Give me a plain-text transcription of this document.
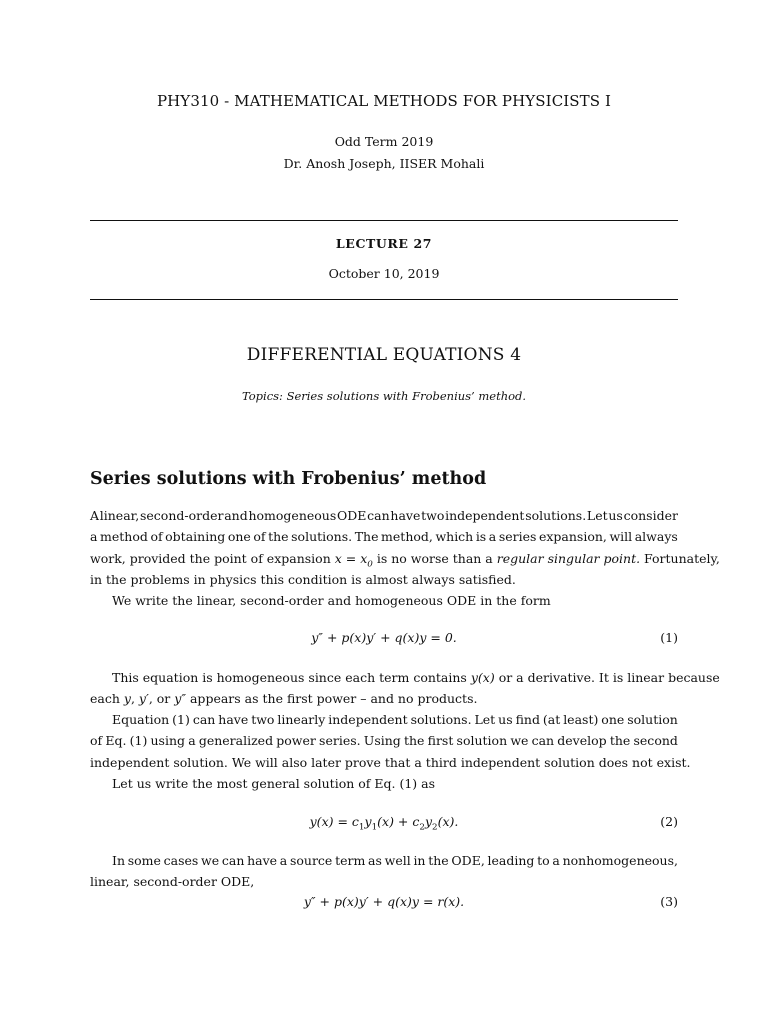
PHY310 - MATHEMATICAL METHODS FOR PHYSICISTS I
Odd Term 2019
Dr. Anosh Joseph, IISER Mohali
LECTURE 27
October 10, 2019
DIFFERENTIAL EQUATIONS 4
Topics: Series solutions with Frobenius’ method.
Series solutions with Frobenius’ method
A linear, second-order and homogeneous ODE can have two independent solutions. Let us consider
a method of obtaining one of the solutions. The method, which is a series expansion, will always
work, provided the point of expansion $x = x_0$ is no worse than a regular singular point. Fortunately,
in the problems in physics this condition is almost always satisfied.
We write the linear, second-order and homogeneous ODE in the form
y″ + p(x)y′ + q(x)y = 0.	(1)
This equation is homogeneous since each term contains y(x) or a derivative. It is linear because
each y, y′, or y″ appears as the first power – and no products.
Equation (1) can have two linearly independent solutions. Let us find (at least) one solution
of Eq. (1) using a generalized power series. Using the first solution we can develop the second
independent solution. We will also later prove that a third independent solution does not exist.
Let us write the most general solution of Eq. (1) as
$y(x) = c_1y_1(x) + c_2y_2(x)$.	(2)
In some cases we can have a source term as well in the ODE, leading to a nonhomogeneous,
linear, second-order ODE,
y″ + p(x)y′ + q(x)y = r(x).	(3)
